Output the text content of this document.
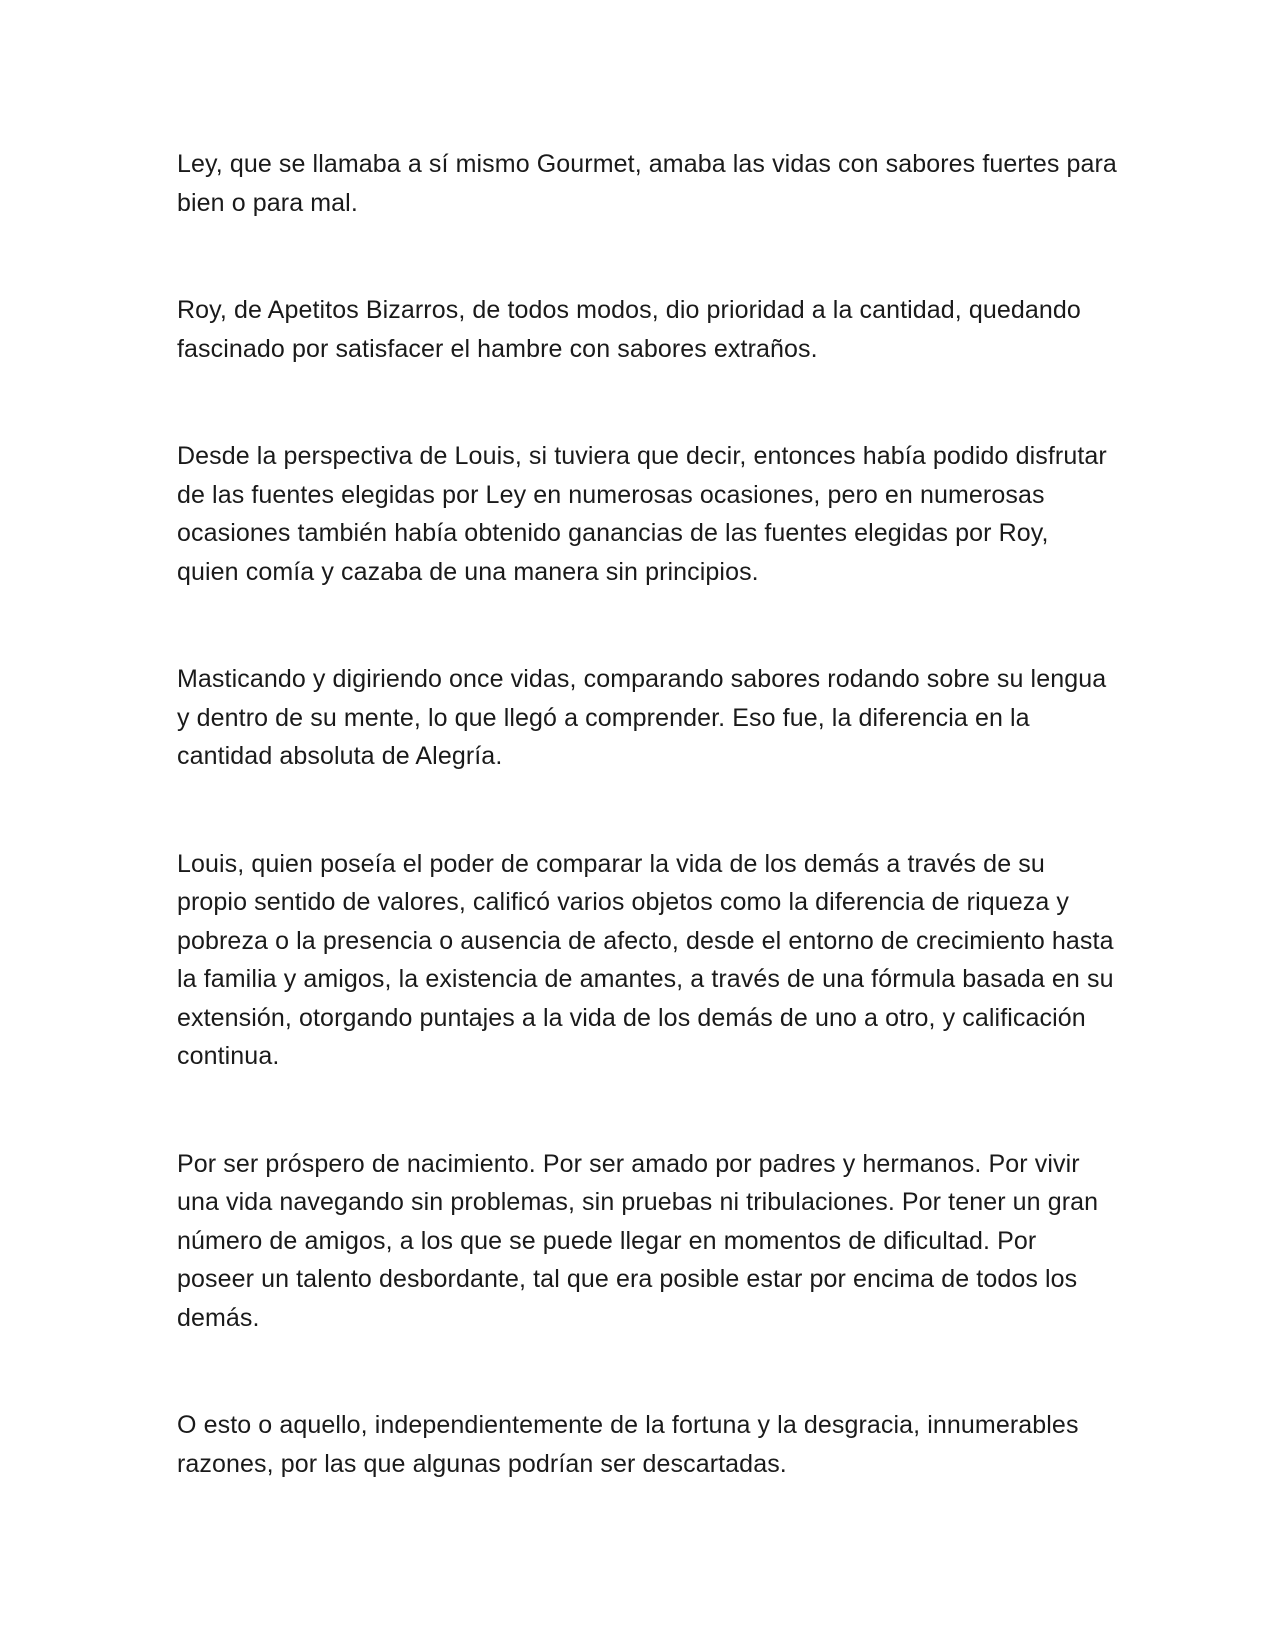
Ley, que se llamaba a sí mismo Gourmet, amaba las vidas con sabores fuertes para bien o para mal.

Roy, de Apetitos Bizarros, de todos modos, dio prioridad a la cantidad, quedando fascinado por satisfacer el hambre con sabores extraños.

Desde la perspectiva de Louis, si tuviera que decir, entonces había podido disfrutar de las fuentes elegidas por Ley en numerosas ocasiones, pero en numerosas ocasiones también había obtenido ganancias de las fuentes elegidas por Roy, quien comía y cazaba de una manera sin principios.

Masticando y digiriendo once vidas, comparando sabores rodando sobre su lengua y dentro de su mente, lo que llegó a comprender. Eso fue, la diferencia en la cantidad absoluta de Alegría.

Louis, quien poseía el poder de comparar la vida de los demás a través de su propio sentido de valores, calificó varios objetos como la diferencia de riqueza y pobreza o la presencia o ausencia de afecto, desde el entorno de crecimiento hasta la familia y amigos, la existencia de amantes, a través de una fórmula basada en su extensión, otorgando puntajes a la vida de los demás de uno a otro, y calificación continua.

Por ser próspero de nacimiento. Por ser amado por padres y hermanos. Por vivir una vida navegando sin problemas, sin pruebas ni tribulaciones. Por tener un gran número de amigos, a los que se puede llegar en momentos de dificultad. Por poseer un talento desbordante, tal que era posible estar por encima de todos los demás.

O esto o aquello, independientemente de la fortuna y la desgracia, innumerables razones, por las que algunas podrían ser descartadas.
